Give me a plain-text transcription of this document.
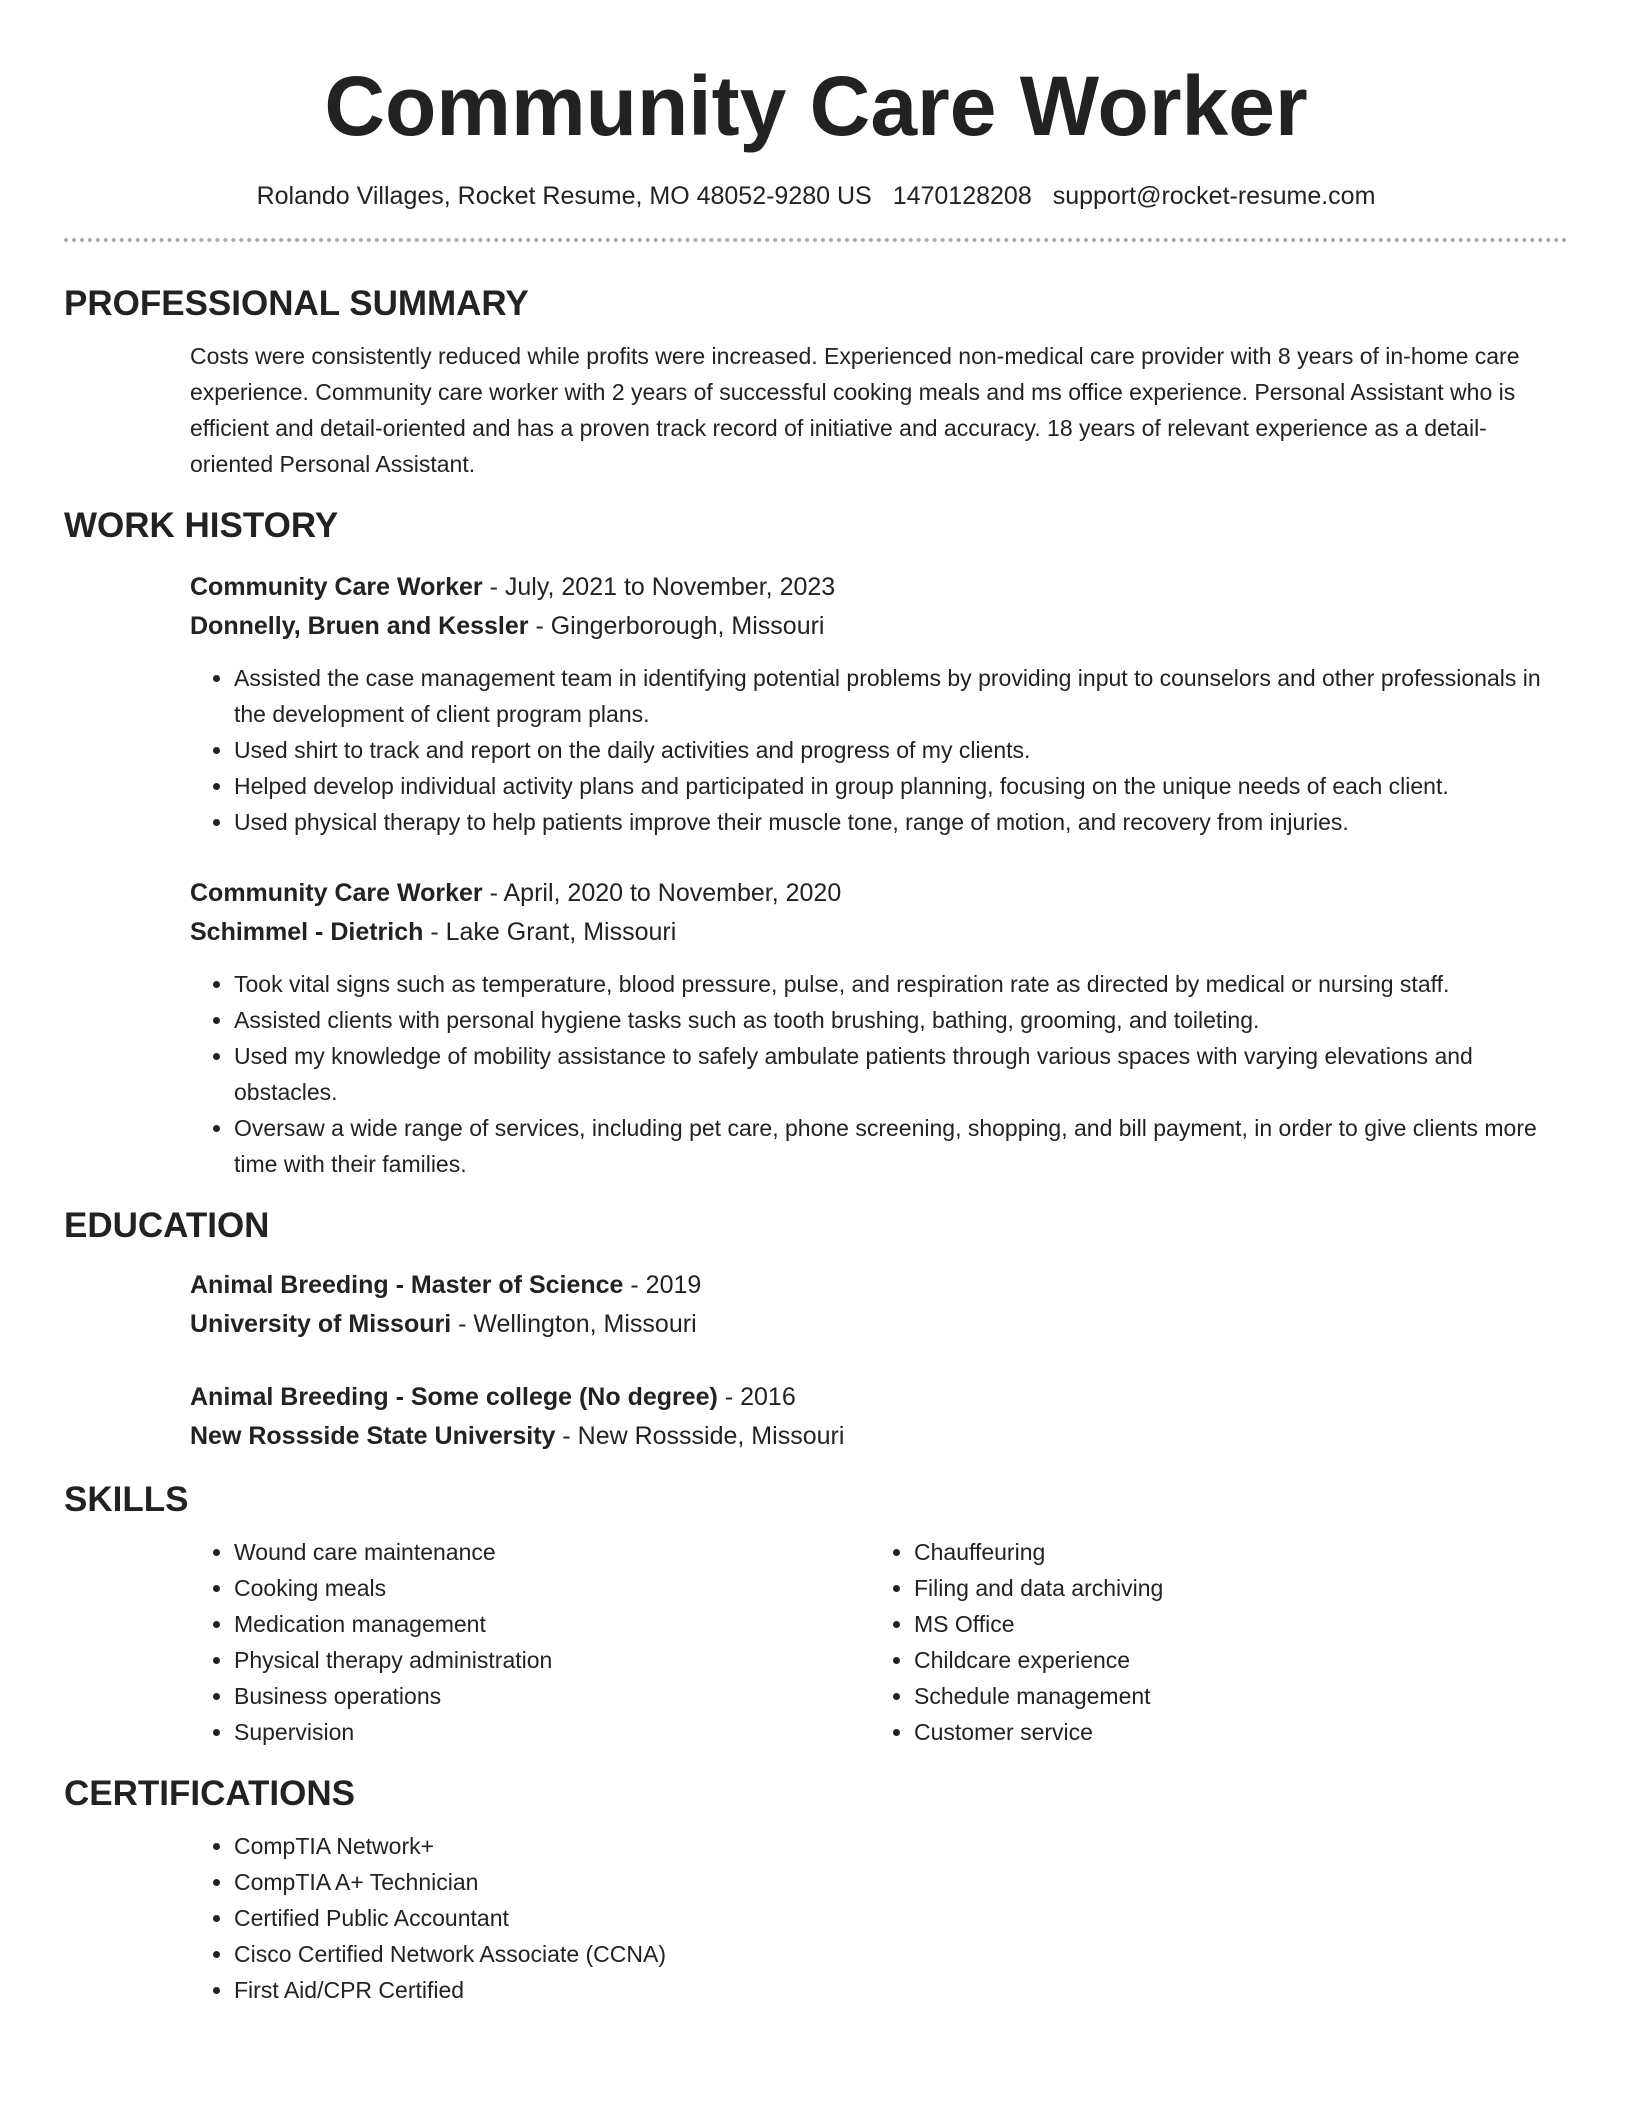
Community Care Worker
Rolando Villages, Rocket Resume, MO 48052-9280 US 1470128208 support@rocket-resume.com
PROFESSIONAL SUMMARY

Costs were consistently reduced while profits were increased. Experienced non-medical care provider with 8 years of in-home care experience. Community care worker with 2 years of successful cooking meals and ms office experience. Personal Assistant who is efficient and detail-oriented and has a proven track record of initiative and accuracy. 18 years of relevant experience as a detail-oriented Personal Assistant.

WORK HISTORY
Community Care Worker - July, 2021 to November, 2023
Donnelly, Bruen and Kessler - Gingerborough, Missouri
• Assisted the case management team in identifying potential problems by providing input to counselors and other professionals in the development of client program plans.
• Used shirt to track and report on the daily activities and progress of my clients.
• Helped develop individual activity plans and participated in group planning, focusing on the unique needs of each client.
• Used physical therapy to help patients improve their muscle tone, range of motion, and recovery from injuries.
Community Care Worker - April, 2020 to November, 2020
Schimmel - Dietrich - Lake Grant, Missouri
• Took vital signs such as temperature, blood pressure, pulse, and respiration rate as directed by medical or nursing staff.
• Assisted clients with personal hygiene tasks such as tooth brushing, bathing, grooming, and toileting.
• Used my knowledge of mobility assistance to safely ambulate patients through various spaces with varying elevations and obstacles.
• Oversaw a wide range of services, including pet care, phone screening, shopping, and bill payment, in order to give clients more time with their families.
EDUCATION
Animal Breeding - Master of Science - 2019
University of Missouri - Wellington, Missouri
Animal Breeding - Some college (No degree) - 2016
New Rossside State University - New Rossside, Missouri
SKILLS
• Wound care maintenance
• Cooking meals
• Medication management
• Physical therapy administration
• Business operations
• Supervision
• Chauffeuring
• Filing and data archiving
• MS Office
• Childcare experience
• Schedule management
• Customer service
CERTIFICATIONS
• CompTIA Network+
• CompTIA A+ Technician
• Certified Public Accountant
• Cisco Certified Network Associate (CCNA)
• First Aid/CPR Certified
